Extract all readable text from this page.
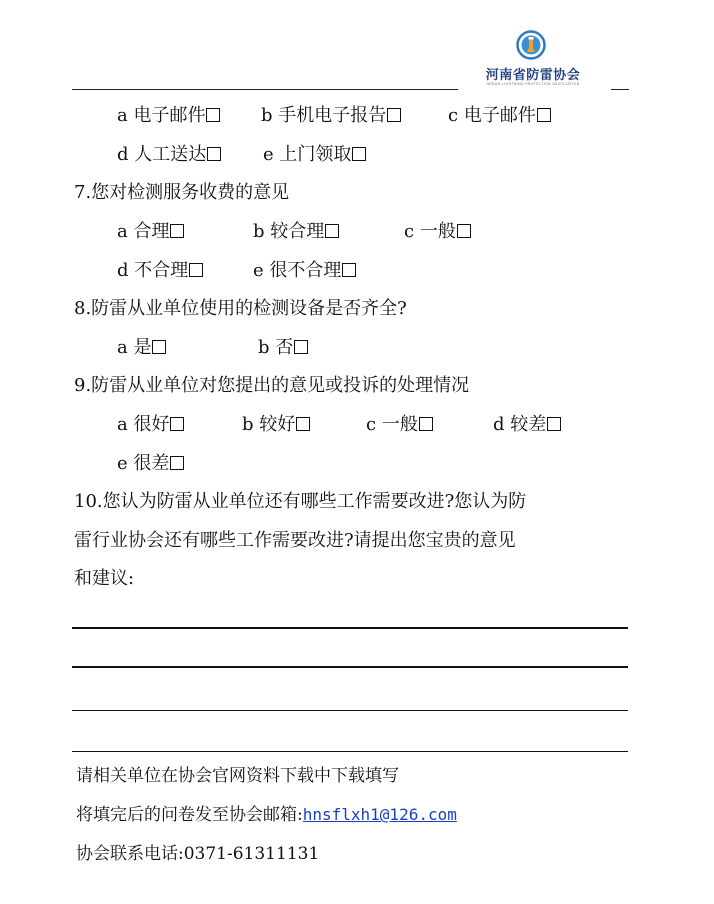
河南省防雷协会
HENAN LIGHTNING PROTECTION ASSOCIATION
a 电子邮件	b 手机电子报告	c 电子邮件
d 人工送达	e 上门领取
7.您对检测服务收费的意见
a 合理	b 较合理	c 一般
d 不合理	e 很不合理
8.防雷从业单位使用的检测设备是否齐全?
a 是	b 否
9.防雷从业单位对您提出的意见或投诉的处理情况
a 很好	b 较好	c 一般	d 较差
e 很差
10.您认为防雷从业单位还有哪些工作需要改进?您认为防
雷行业协会还有哪些工作需要改进?请提出您宝贵的意见
和建议:
请相关单位在协会官网资料下载中下载填写
将填完后的问卷发至协会邮箱:hnsflxh1@126.com
协会联系电话:0371-61311131
